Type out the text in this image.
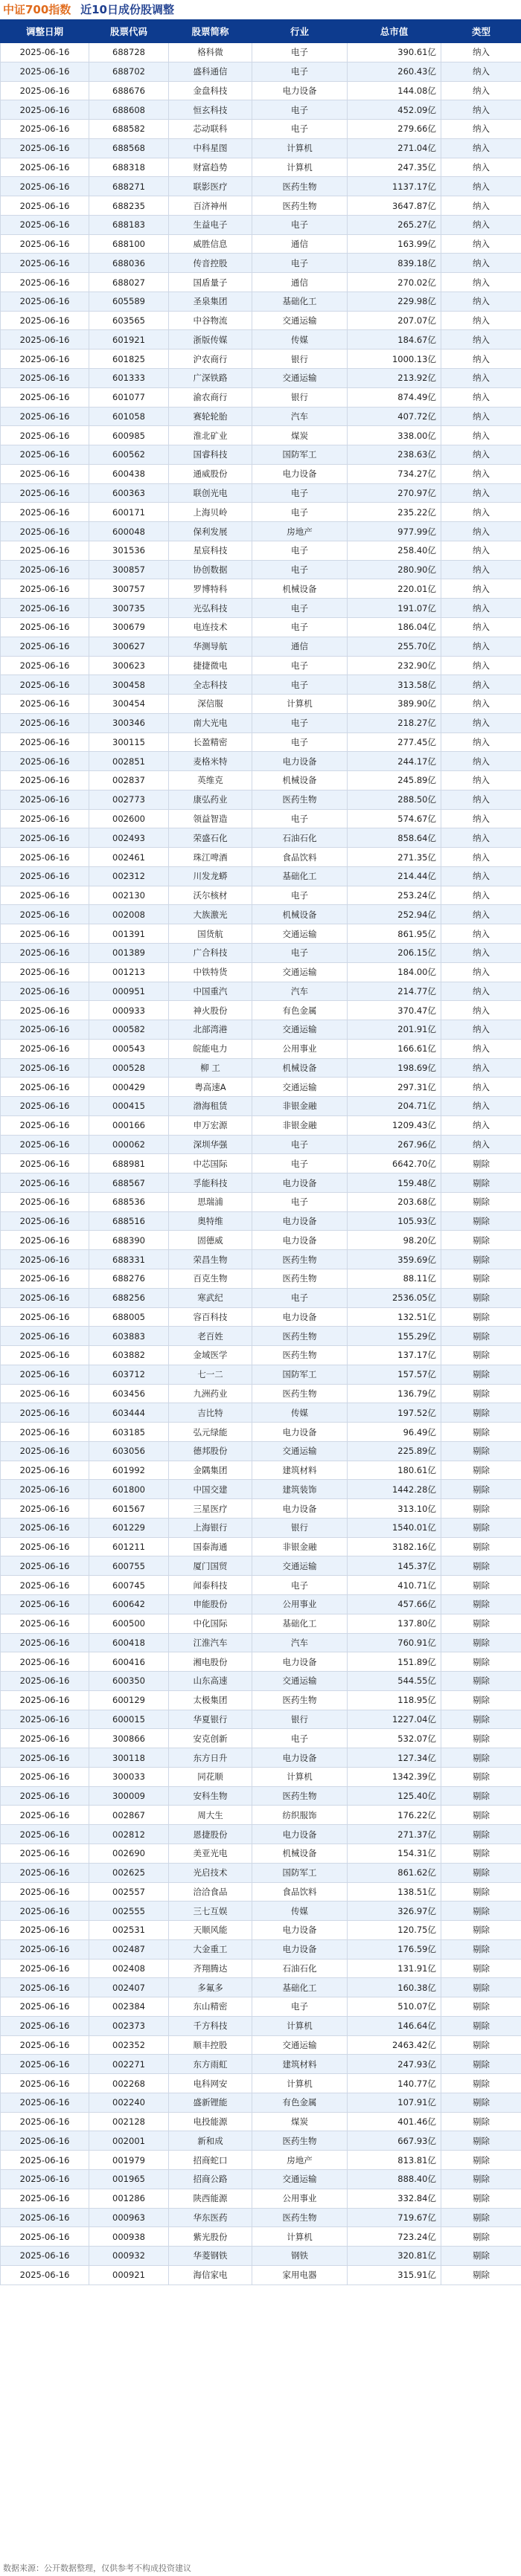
中证700指数 近10日成份股调整
调整日期	股票代码	股票简称	行业	总市值	类型
2025-06-16	688728	格科微	电子	390.61亿	纳入
2025-06-16	688702	盛科通信	电子	260.43亿	纳入
2025-06-16	688676	金盘科技	电力设备	144.08亿	纳入
2025-06-16	688608	恒玄科技	电子	452.09亿	纳入
2025-06-16	688582	芯动联科	电子	279.66亿	纳入
2025-06-16	688568	中科星图	计算机	271.04亿	纳入
2025-06-16	688318	财富趋势	计算机	247.35亿	纳入
2025-06-16	688271	联影医疗	医药生物	1137.17亿	纳入
2025-06-16	688235	百济神州	医药生物	3647.87亿	纳入
2025-06-16	688183	生益电子	电子	265.27亿	纳入
2025-06-16	688100	威胜信息	通信	163.99亿	纳入
2025-06-16	688036	传音控股	电子	839.18亿	纳入
2025-06-16	688027	国盾量子	通信	270.02亿	纳入
2025-06-16	605589	圣泉集团	基础化工	229.98亿	纳入
2025-06-16	603565	中谷物流	交通运输	207.07亿	纳入
2025-06-16	601921	浙版传媒	传媒	184.67亿	纳入
2025-06-16	601825	沪农商行	银行	1000.13亿	纳入
2025-06-16	601333	广深铁路	交通运输	213.92亿	纳入
2025-06-16	601077	渝农商行	银行	874.49亿	纳入
2025-06-16	601058	赛轮轮胎	汽车	407.72亿	纳入
2025-06-16	600985	淮北矿业	煤炭	338.00亿	纳入
2025-06-16	600562	国睿科技	国防军工	238.63亿	纳入
2025-06-16	600438	通威股份	电力设备	734.27亿	纳入
2025-06-16	600363	联创光电	电子	270.97亿	纳入
2025-06-16	600171	上海贝岭	电子	235.22亿	纳入
2025-06-16	600048	保利发展	房地产	977.99亿	纳入
2025-06-16	301536	星宸科技	电子	258.40亿	纳入
2025-06-16	300857	协创数据	电子	280.90亿	纳入
2025-06-16	300757	罗博特科	机械设备	220.01亿	纳入
2025-06-16	300735	光弘科技	电子	191.07亿	纳入
2025-06-16	300679	电连技术	电子	186.04亿	纳入
2025-06-16	300627	华测导航	通信	255.70亿	纳入
2025-06-16	300623	捷捷微电	电子	232.90亿	纳入
2025-06-16	300458	全志科技	电子	313.58亿	纳入
2025-06-16	300454	深信服	计算机	389.90亿	纳入
2025-06-16	300346	南大光电	电子	218.27亿	纳入
2025-06-16	300115	长盈精密	电子	277.45亿	纳入
2025-06-16	002851	麦格米特	电力设备	244.17亿	纳入
2025-06-16	002837	英维克	机械设备	245.89亿	纳入
2025-06-16	002773	康弘药业	医药生物	288.50亿	纳入
2025-06-16	002600	领益智造	电子	574.67亿	纳入
2025-06-16	002493	荣盛石化	石油石化	858.64亿	纳入
2025-06-16	002461	珠江啤酒	食品饮料	271.35亿	纳入
2025-06-16	002312	川发龙蟒	基础化工	214.44亿	纳入
2025-06-16	002130	沃尔核材	电子	253.24亿	纳入
2025-06-16	002008	大族激光	机械设备	252.94亿	纳入
2025-06-16	001391	国货航	交通运输	861.95亿	纳入
2025-06-16	001389	广合科技	电子	206.15亿	纳入
2025-06-16	001213	中铁特货	交通运输	184.00亿	纳入
2025-06-16	000951	中国重汽	汽车	214.77亿	纳入
2025-06-16	000933	神火股份	有色金属	370.47亿	纳入
2025-06-16	000582	北部湾港	交通运输	201.91亿	纳入
2025-06-16	000543	皖能电力	公用事业	166.61亿	纳入
2025-06-16	000528	柳 工	机械设备	198.69亿	纳入
2025-06-16	000429	粤高速A	交通运输	297.31亿	纳入
2025-06-16	000415	渤海租赁	非银金融	204.71亿	纳入
2025-06-16	000166	申万宏源	非银金融	1209.43亿	纳入
2025-06-16	000062	深圳华强	电子	267.96亿	纳入
2025-06-16	688981	中芯国际	电子	6642.70亿	剔除
2025-06-16	688567	孚能科技	电力设备	159.48亿	剔除
2025-06-16	688536	思瑞浦	电子	203.68亿	剔除
2025-06-16	688516	奥特维	电力设备	105.93亿	剔除
2025-06-16	688390	固德威	电力设备	98.20亿	剔除
2025-06-16	688331	荣昌生物	医药生物	359.69亿	剔除
2025-06-16	688276	百克生物	医药生物	88.11亿	剔除
2025-06-16	688256	寒武纪	电子	2536.05亿	剔除
2025-06-16	688005	容百科技	电力设备	132.51亿	剔除
2025-06-16	603883	老百姓	医药生物	155.29亿	剔除
2025-06-16	603882	金域医学	医药生物	137.17亿	剔除
2025-06-16	603712	七一二	国防军工	157.57亿	剔除
2025-06-16	603456	九洲药业	医药生物	136.79亿	剔除
2025-06-16	603444	吉比特	传媒	197.52亿	剔除
2025-06-16	603185	弘元绿能	电力设备	96.49亿	剔除
2025-06-16	603056	德邦股份	交通运输	225.89亿	剔除
2025-06-16	601992	金隅集团	建筑材料	180.61亿	剔除
2025-06-16	601800	中国交建	建筑装饰	1442.28亿	剔除
2025-06-16	601567	三星医疗	电力设备	313.10亿	剔除
2025-06-16	601229	上海银行	银行	1540.01亿	剔除
2025-06-16	601211	国泰海通	非银金融	3182.16亿	剔除
2025-06-16	600755	厦门国贸	交通运输	145.37亿	剔除
2025-06-16	600745	闻泰科技	电子	410.71亿	剔除
2025-06-16	600642	申能股份	公用事业	457.66亿	剔除
2025-06-16	600500	中化国际	基础化工	137.80亿	剔除
2025-06-16	600418	江淮汽车	汽车	760.91亿	剔除
2025-06-16	600416	湘电股份	电力设备	151.89亿	剔除
2025-06-16	600350	山东高速	交通运输	544.55亿	剔除
2025-06-16	600129	太极集团	医药生物	118.95亿	剔除
2025-06-16	600015	华夏银行	银行	1227.04亿	剔除
2025-06-16	300866	安克创新	电子	532.07亿	剔除
2025-06-16	300118	东方日升	电力设备	127.34亿	剔除
2025-06-16	300033	同花顺	计算机	1342.39亿	剔除
2025-06-16	300009	安科生物	医药生物	125.40亿	剔除
2025-06-16	002867	周大生	纺织服饰	176.22亿	剔除
2025-06-16	002812	恩捷股份	电力设备	271.37亿	剔除
2025-06-16	002690	美亚光电	机械设备	154.31亿	剔除
2025-06-16	002625	光启技术	国防军工	861.62亿	剔除
2025-06-16	002557	洽洽食品	食品饮料	138.51亿	剔除
2025-06-16	002555	三七互娱	传媒	326.97亿	剔除
2025-06-16	002531	天顺风能	电力设备	120.75亿	剔除
2025-06-16	002487	大金重工	电力设备	176.59亿	剔除
2025-06-16	002408	齐翔腾达	石油石化	131.91亿	剔除
2025-06-16	002407	多氟多	基础化工	160.38亿	剔除
2025-06-16	002384	东山精密	电子	510.07亿	剔除
2025-06-16	002373	千方科技	计算机	146.64亿	剔除
2025-06-16	002352	顺丰控股	交通运输	2463.42亿	剔除
2025-06-16	002271	东方雨虹	建筑材料	247.93亿	剔除
2025-06-16	002268	电科网安	计算机	140.77亿	剔除
2025-06-16	002240	盛新锂能	有色金属	107.91亿	剔除
2025-06-16	002128	电投能源	煤炭	401.46亿	剔除
2025-06-16	002001	新和成	医药生物	667.93亿	剔除
2025-06-16	001979	招商蛇口	房地产	813.81亿	剔除
2025-06-16	001965	招商公路	交通运输	888.40亿	剔除
2025-06-16	001286	陕西能源	公用事业	332.84亿	剔除
2025-06-16	000963	华东医药	医药生物	719.67亿	剔除
2025-06-16	000938	紫光股份	计算机	723.24亿	剔除
2025-06-16	000932	华菱钢铁	钢铁	320.81亿	剔除
2025-06-16	000921	海信家电	家用电器	315.91亿	剔除
数据来源：公开数据整理，仅供参考不构成投资建议
